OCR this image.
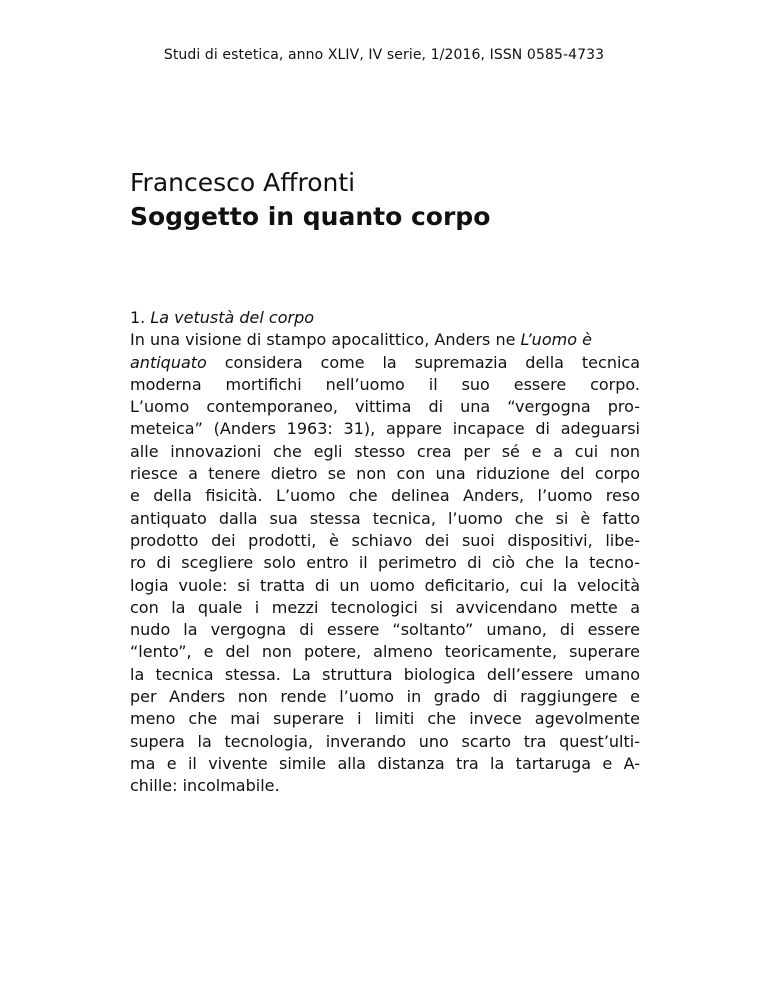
Studi di estetica, anno XLIV, IV serie, 1/2016, ISSN 0585-4733
Francesco Affronti
Soggetto in quanto corpo

1. La vetustà del corpo

In una visione di stampo apocalittico, Anders ne L’uomo è
antiquato considera come la supremazia della tecnica
moderna mortifichi nell’uomo il suo essere corpo.
L’uomo contemporaneo, vittima di una “vergogna pro-
meteica” (Anders 1963: 31), appare incapace di adeguarsi
alle innovazioni che egli stesso crea per sé e a cui non
riesce a tenere dietro se non con una riduzione del corpo
e della fisicità. L’uomo che delinea Anders, l’uomo reso
antiquato dalla sua stessa tecnica, l’uomo che si è fatto
prodotto dei prodotti, è schiavo dei suoi dispositivi, libe-
ro di scegliere solo entro il perimetro di ciò che la tecno-
logia vuole: si tratta di un uomo deficitario, cui la velocità
con la quale i mezzi tecnologici si avvicendano mette a
nudo la vergogna di essere “soltanto” umano, di essere
“lento”, e del non potere, almeno teoricamente, superare
la tecnica stessa. La struttura biologica dell’essere umano
per Anders non rende l’uomo in grado di raggiungere e
meno che mai superare i limiti che invece agevolmente
supera la tecnologia, inverando uno scarto tra quest’ulti-
ma e il vivente simile alla distanza tra la tartaruga e A-
chille: incolmabile.
